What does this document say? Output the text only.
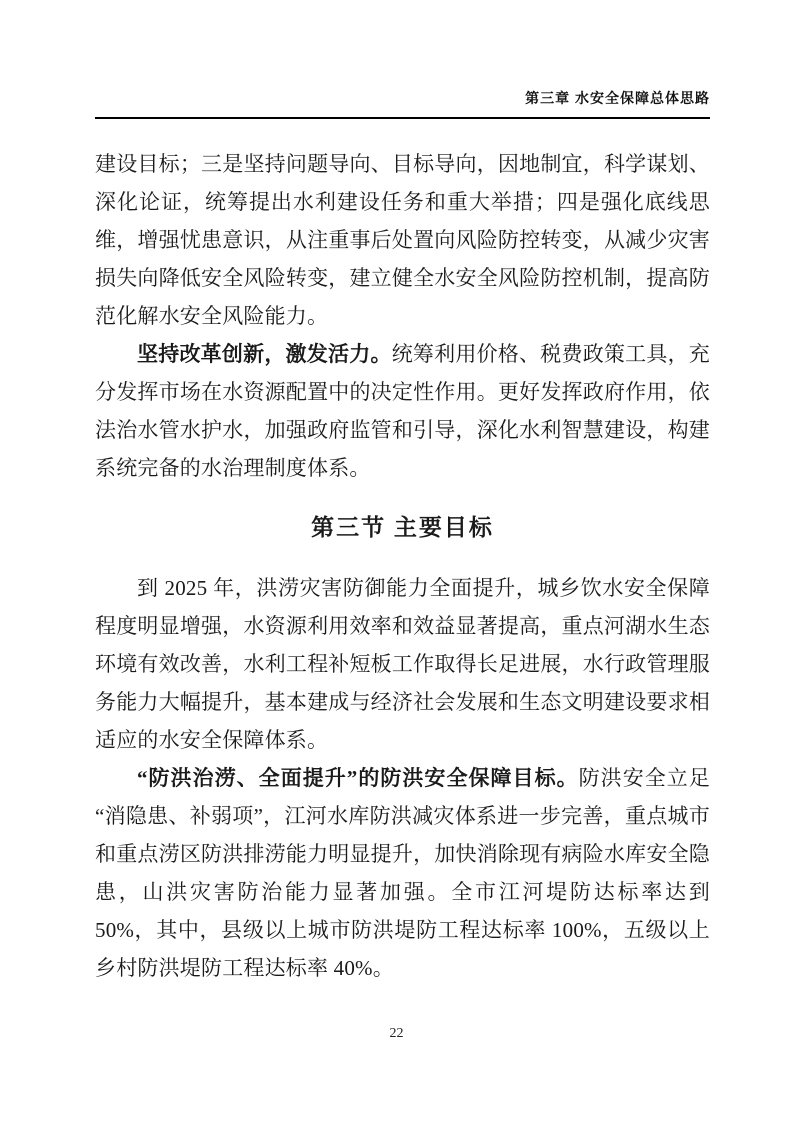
第三章 水安全保障总体思路

建设目标；三是坚持问题导向、目标导向，因地制宜，科学谋划、深化论证，统筹提出水利建设任务和重大举措；四是强化底线思维，增强忧患意识，从注重事后处置向风险防控转变，从减少灾害损失向降低安全风险转变，建立健全水安全风险防控机制，提高防范化解水安全风险能力。

坚持改革创新，激发活力。统筹利用价格、税费政策工具，充分发挥市场在水资源配置中的决定性作用。更好发挥政府作用，依法治水管水护水，加强政府监管和引导，深化水利智慧建设，构建系统完备的水治理制度体系。

第三节 主要目标

到 2025 年，洪涝灾害防御能力全面提升，城乡饮水安全保障程度明显增强，水资源利用效率和效益显著提高，重点河湖水生态环境有效改善，水利工程补短板工作取得长足进展，水行政管理服务能力大幅提升，基本建成与经济社会发展和生态文明建设要求相适应的水安全保障体系。

“防洪治涝、全面提升”的防洪安全保障目标。防洪安全立足“消隐患、补弱项”，江河水库防洪减灾体系进一步完善，重点城市和重点涝区防洪排涝能力明显提升，加快消除现有病险水库安全隐患，山洪灾害防治能力显著加强。全市江河堤防达标率达到 50%，其中，县级以上城市防洪堤防工程达标率 100%，五级以上乡村防洪堤防工程达标率 40%。

22
